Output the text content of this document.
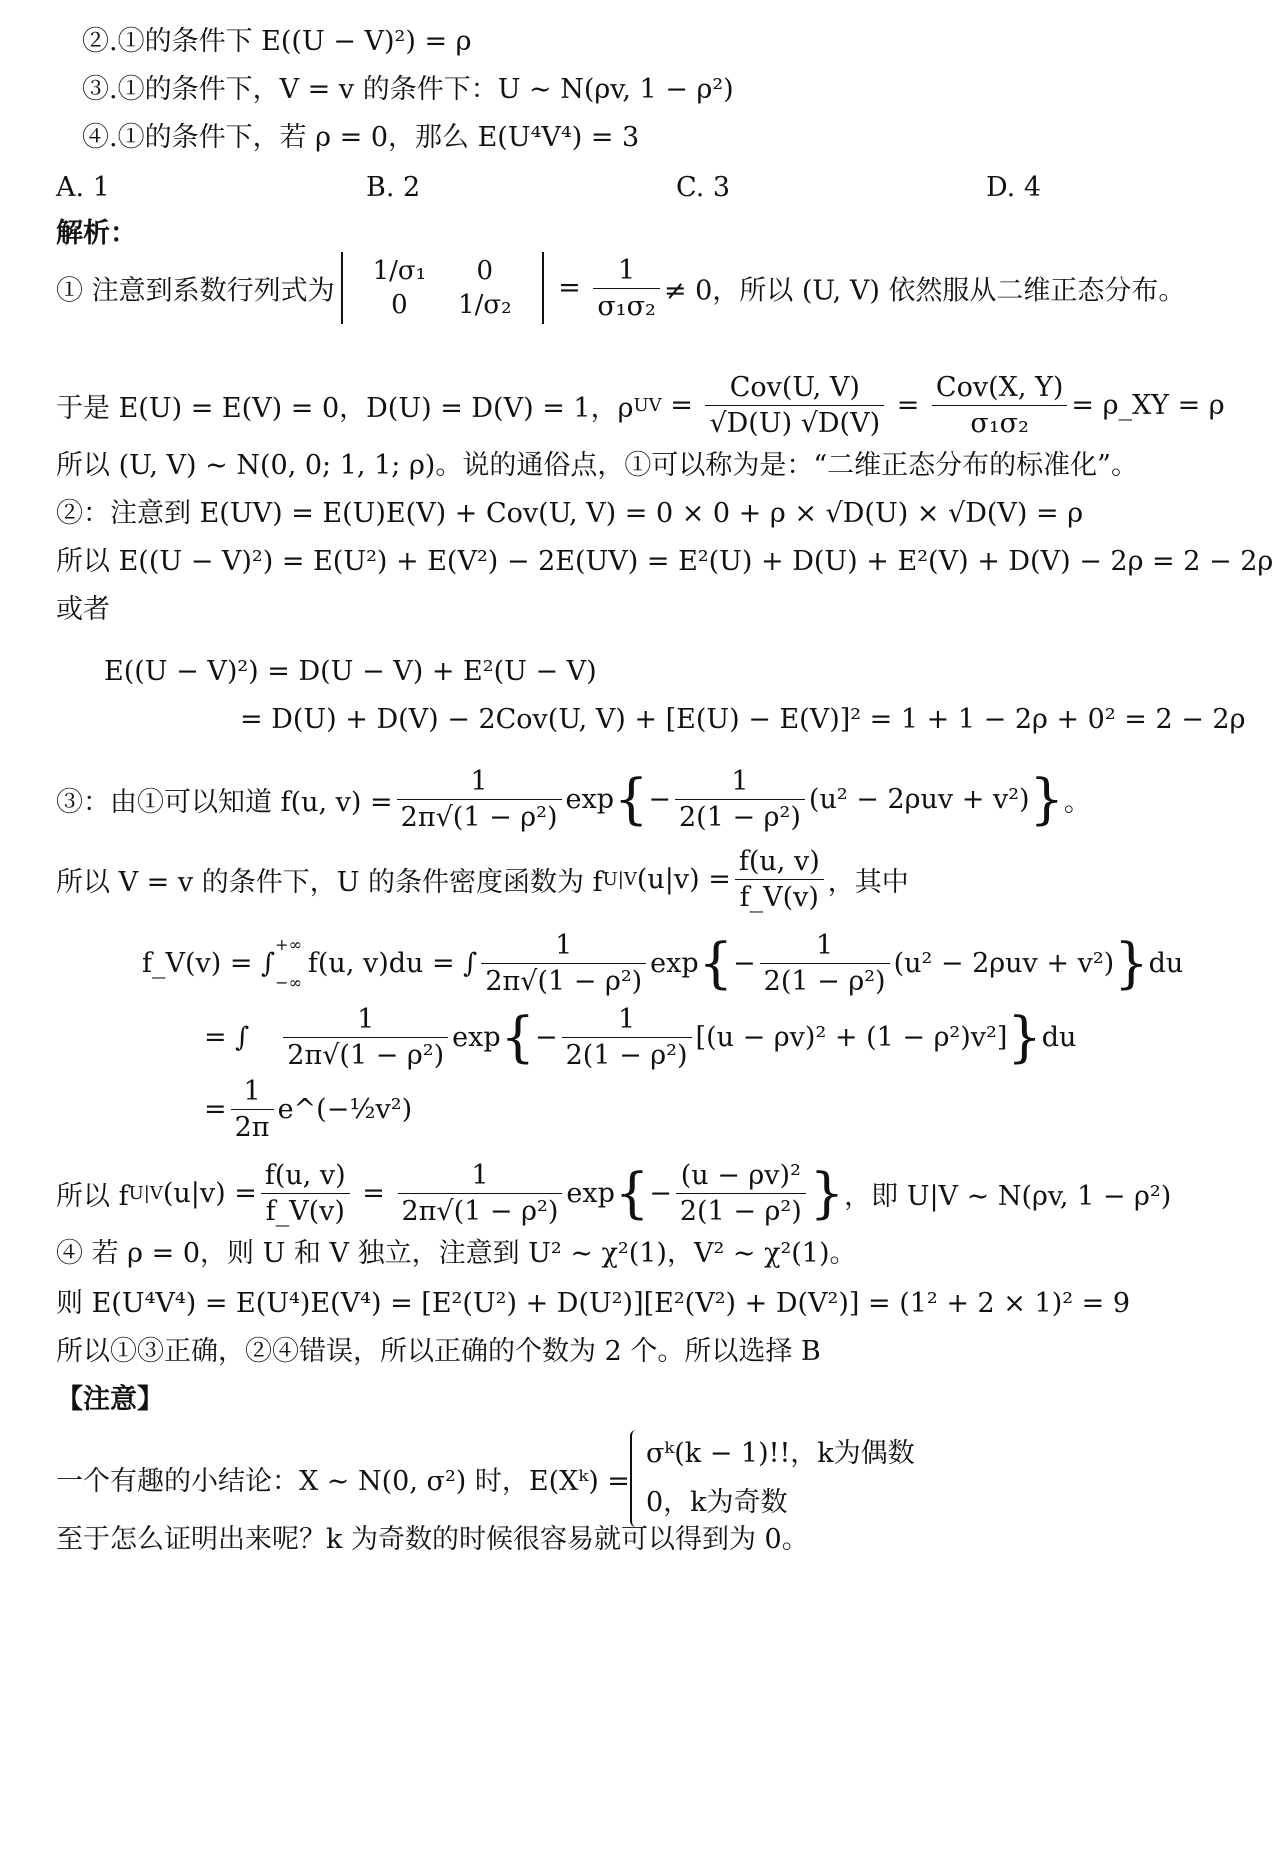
②.①的条件下 E((U − V)²) = ρ
③.①的条件下，V = v 的条件下：U ∼ N(ρv, 1 − ρ²)
④.①的条件下，若 ρ = 0，那么 E(U⁴V⁴) = 3
A. 1	B. 2	C. 3	D. 4
解析：
① 注意到系数行列式为
1/σ₁	0
0	1/σ₂
= $\frac{1}{\text{σ₁σ₂}} \ne 0$，所以 (U, V) 依然服从二维正态分布。
于是 E(U) = E(V) = 0，D(U) = D(V) = 1，$\rho UV = \frac{\text{Cov(U, V)}}{√D(U) √D(V)} = \frac{\text{Cov(X, Y)}}{\text{σ₁σ₂}}$ = ρ_XY = ρ
所以 (U, V) ∼ N(0, 0; 1, 1; ρ)。说的通俗点，①可以称为是：“二维正态分布的标准化”。
②：注意到 E(UV) = E(U)E(V) + Cov(U, V) = 0 × 0 + ρ × √D(U) × √D(V) = ρ
所以 E((U − V)²) = E(U²) + E(V²) − 2E(UV) = E²(U) + D(U) + E²(V) + D(V) − 2ρ = 2 − 2ρ
或者
E((U − V)²) = D(U − V) + E²(U − V)
= D(U) + D(V) − 2Cov(U, V) + [E(U) − E(V)]² = 1 + 1 − 2ρ + 0² = 2 − 2ρ
③：由①可以知道 f(u, $v) = \frac{1}{\text{2π√(1 − ρ²)}} \exp\{- \frac{1}{\text{2(1 − ρ²)}} (u^2 - 2\rho uv + v^2)\}$。
所以 V = v 的条件下，U 的条件密度函数为 $fU|V(u|v) = \frac{f(u, v)}{f\_V(v)}$ ，其中
f_V(v) = ∫
+∞
−∞
f(u, v)du = ∫ $\frac{1}{\text{2π√(1 − ρ²)}} \exp\{- \frac{1}{\text{2(1 − ρ²)}} (u^2 - 2\rho uv + v^2)\}du$
= ∫ $\frac{1}{\text{2π√(1 − ρ²)}} \exp\{- \frac{1}{\text{2(1 − ρ²)}} [(u - \rho v)^2 + (1 - \rho^2)v^2]\}du$
= $\frac{1}{2\pi}$ e^(−½v²)
所以 $fU|V(u|v) = \frac{f(u, v)}{f\_V(v)} = \frac{1}{\text{2π√(1 − ρ²)}} \exp\{- \frac{\text{(u − ρv)²}}{\text{2(1 − ρ²)}}$ }，即 U|V ∼ N(ρv, 1 − ρ²)
④ 若 ρ = 0，则 U 和 V 独立，注意到 U² ∼ χ²(1)，V² ∼ χ²(1)。
则 E(U⁴V⁴) = E(U⁴)E(V⁴) = [E²(U²) + D(U²)][E²(V²) + D(V²)] = (1² + 2 × 1)² = 9
所以①③正确，②④错误，所以正确的个数为 2 个。所以选择 B
【注意】
一个有趣的小结论：X ∼ N(0, σ²) 时，E(Xᵏ) =
σᵏ(k − 1)!!，k为偶数
0，k为奇数
至于怎么证明出来呢？k 为奇数的时候很容易就可以得到为 0。
